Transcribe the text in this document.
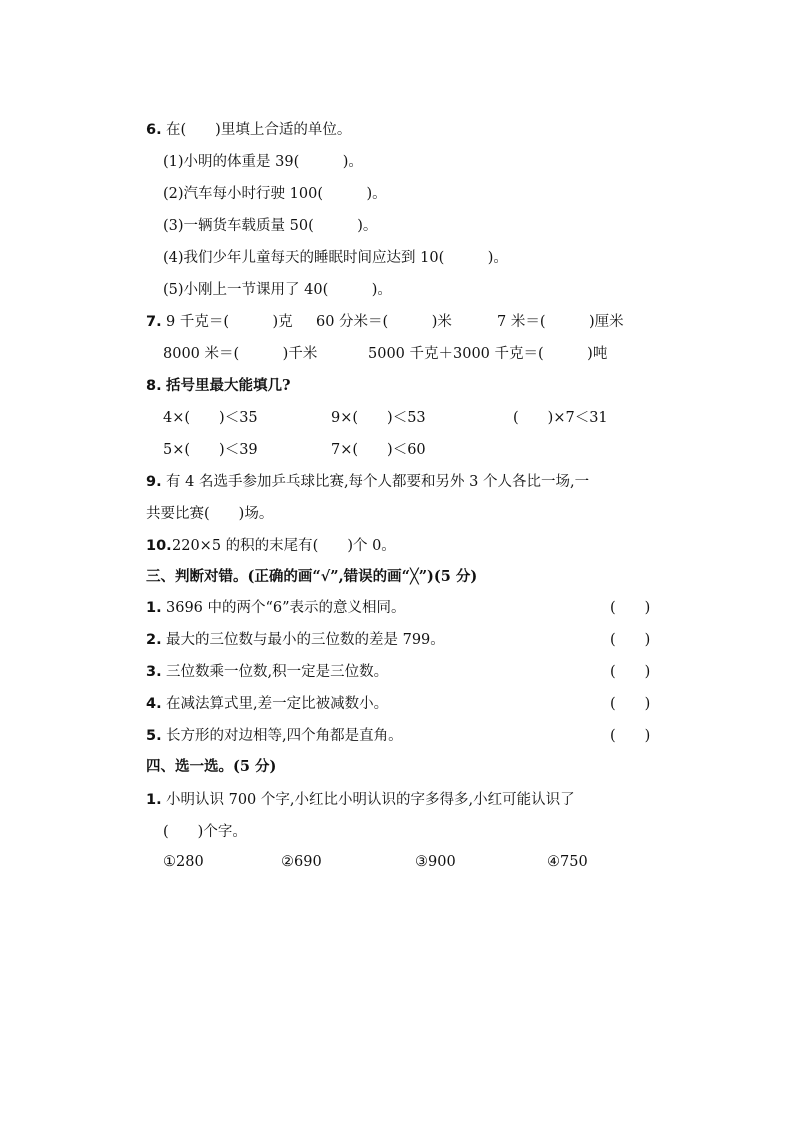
6. 在(　　)里填上合适的单位。
(1)小明的体重是 39(　　　)。
(2)汽车每小时行驶 100(　　　)。
(3)一辆货车载质量 50(　　　)。
(4)我们少年儿童每天的睡眠时间应达到 10(　　　)。
(5)小刚上一节课用了 40(　　　)。
7. 9 千克＝(　　　)克 60 分米＝(　　　)米	7 米＝(　　　)厘米
8000 米＝(　　　)千米	5000 千克＋3000 千克＝(　　　)吨
8. 括号里最大能填几?
4×(　　)＜35	9×(　　)＜53	(　　)×7＜31
5×(　　)＜39	7×(　　)＜60
9. 有 4 名选手参加乒乓球比赛,每个人都要和另外 3 个人各比一场,一
共要比赛(　　)场。
10. 220×5 的积的末尾有(　　)个 0。
三、判断对错。(正确的画“√”,错误的画“╳”)(5 分)
1. 3696 中的两个“6”表示的意义相同。	(　　)
2. 最大的三位数与最小的三位数的差是 799。	(　　)
3. 三位数乘一位数,积一定是三位数。	(　　)
4. 在减法算式里,差一定比被减数小。	(　　)
5. 长方形的对边相等,四个角都是直角。	(　　)
四、选一选。(5 分)
1. 小明认识 700 个字,小红比小明认识的字多得多,小红可能认识了
(　　)个字。
①280	②690	③900	④750
